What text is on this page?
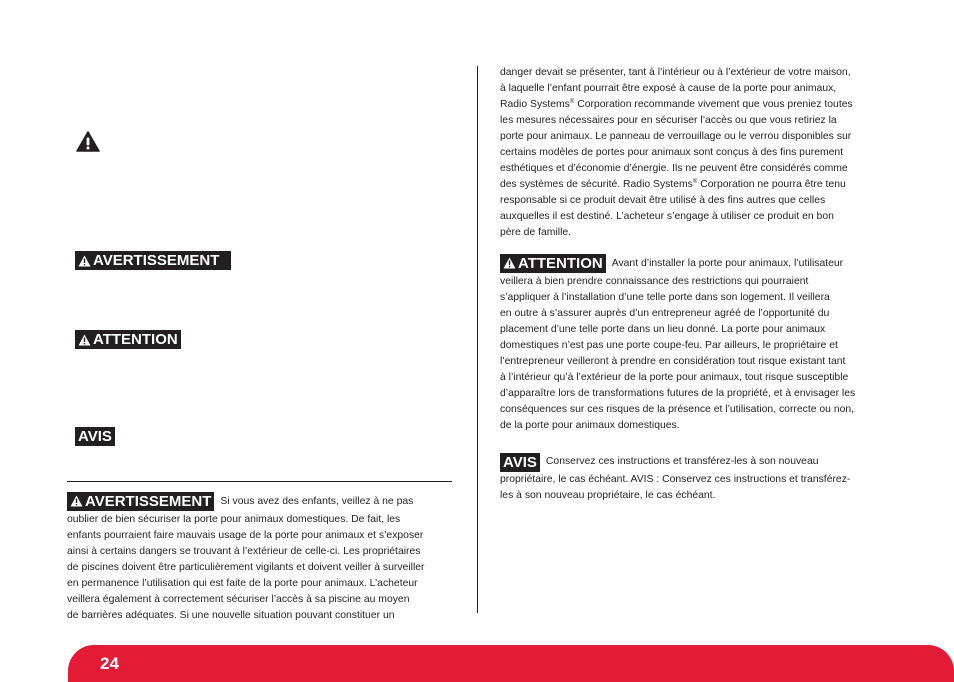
AVERTISSEMENT
ATTENTION
AVIS
AVERTISSEMENT Si vous avez des enfants, veillez à ne pas
oublier de bien sécuriser la porte pour animaux domestiques. De fait, les
enfants pourraient faire mauvais usage de la porte pour animaux et s’exposer
ainsi à certains dangers se trouvant à l’extérieur de celle-ci. Les propriétaires
de piscines doivent être particulièrement vigilants et doivent veiller à surveiller
en permanence l’utilisation qui est faite de la porte pour animaux. L’acheteur
veillera également à correctement sécuriser l’accès à sa piscine au moyen
de barrières adéquates. Si une nouvelle situation pouvant constituer un
danger devait se présenter, tant à l’intérieur ou à l’extérieur de votre maison,
à laquelle l’enfant pourrait être exposé à cause de la porte pour animaux,
Radio Systems® Corporation recommande vivement que vous preniez toutes
les mesures nécessaires pour en sécuriser l’accès ou que vous retiriez la
porte pour animaux. Le panneau de verrouillage ou le verrou disponibles sur
certains modèles de portes pour animaux sont conçus à des fins purement
esthétiques et d’économie d’énergie. Ils ne peuvent être considérés comme
des systèmes de sécurité. Radio Systems® Corporation ne pourra être tenu
responsable si ce produit devait être utilisé à des fins autres que celles
auxquelles il est destiné. L’acheteur s’engage à utiliser ce produit en bon
père de famille.
ATTENTION Avant d’installer la porte pour animaux, l’utilisateur
veillera à bien prendre connaissance des restrictions qui pourraient
s’appliquer à l’installation d’une telle porte dans son logement. Il veillera
en outre à s’assurer auprès d’un entrepreneur agréé de l’opportunité du
placement d’une telle porte dans un lieu donné. La porte pour animaux
domestiques n’est pas une porte coupe-feu. Par ailleurs, le propriétaire et
l’entrepreneur veilleront à prendre en considération tout risque existant tant
à l’intérieur qu’à l’extérieur de la porte pour animaux, tout risque susceptible
d’apparaître lors de transformations futures de la propriété, et à envisager les
conséquences sur ces risques de la présence et l’utilisation, correcte ou non,
de la porte pour animaux domestiques.
AVIS Conservez ces instructions et transférez-les à son nouveau
propriétaire, le cas échéant. AVIS : Conservez ces instructions et transférez-
les à son nouveau propriétaire, le cas échéant.
24
